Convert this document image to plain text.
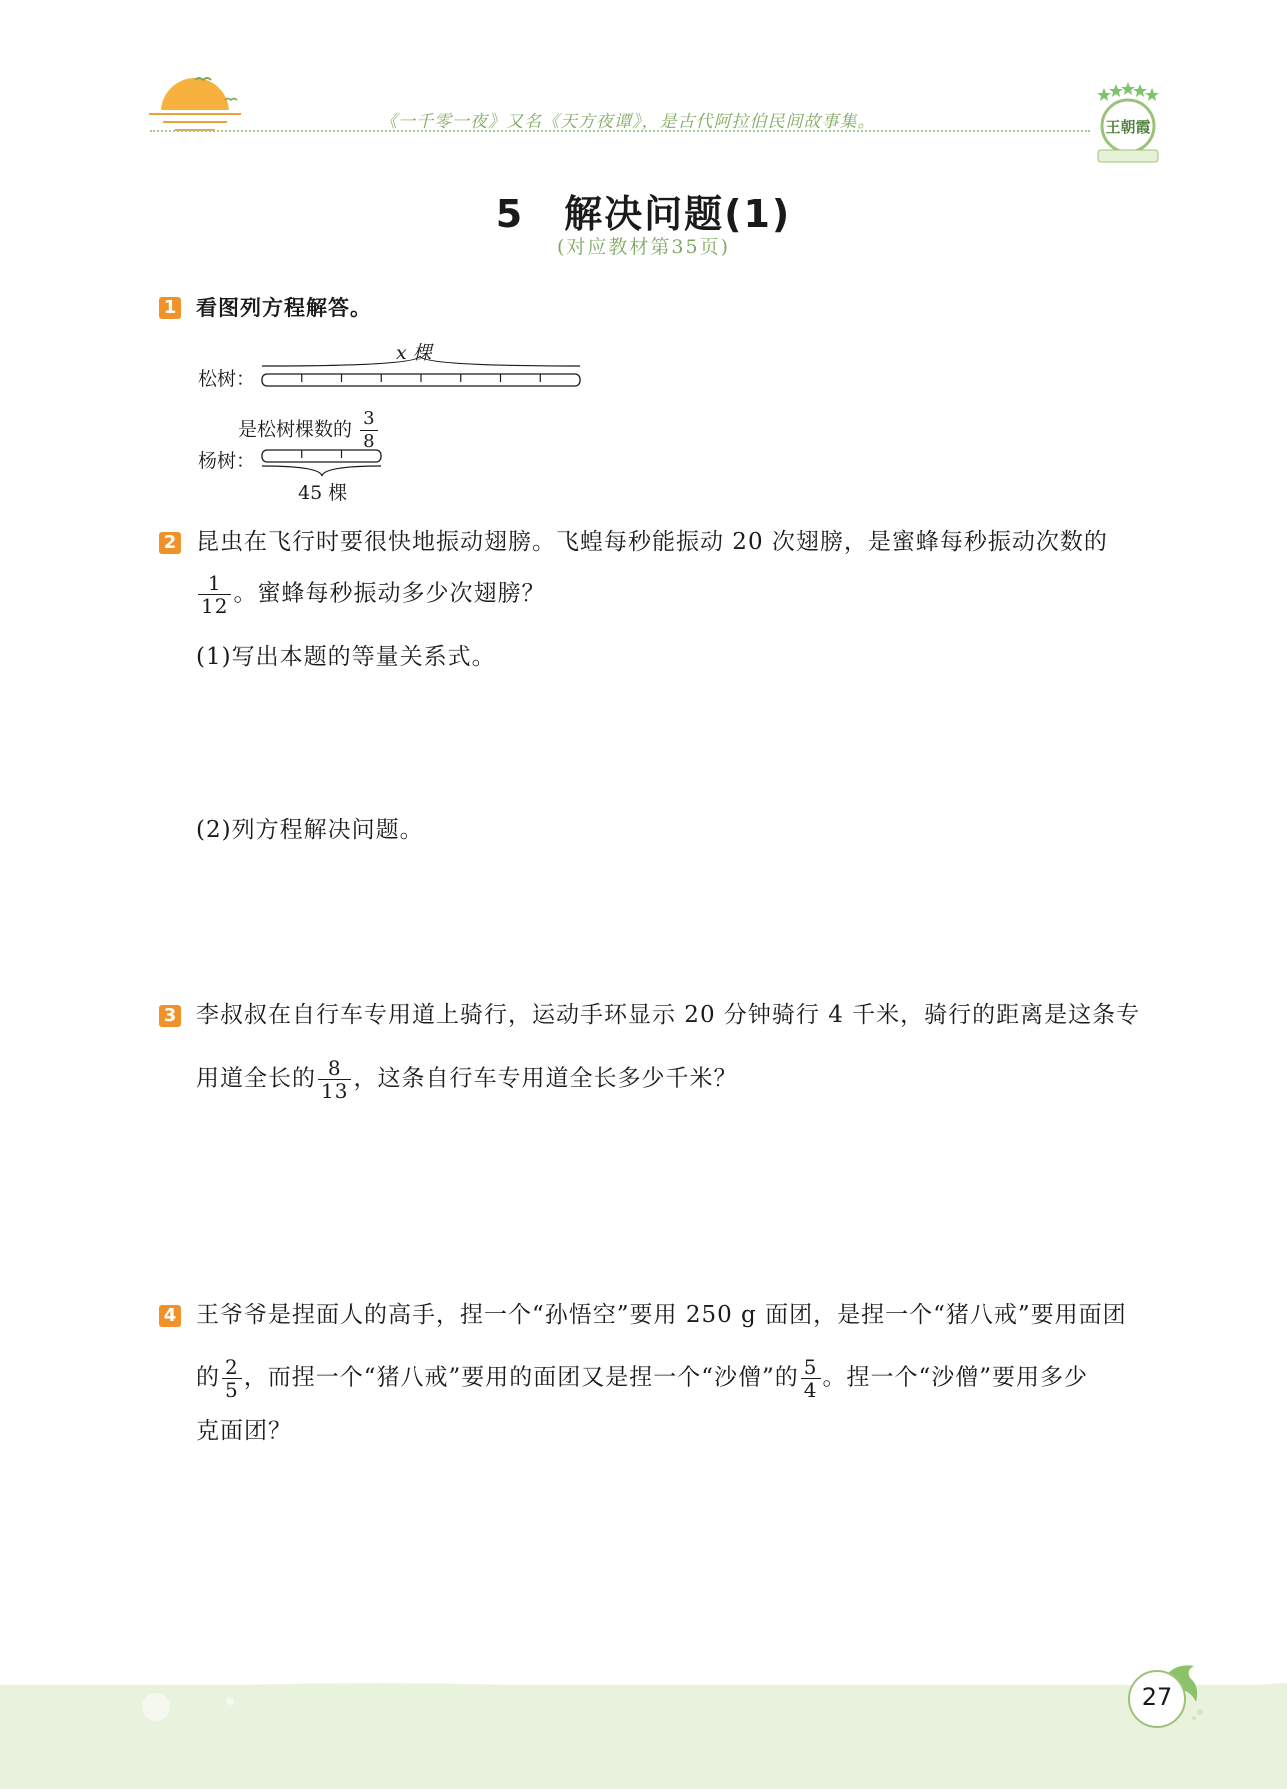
《一千零一夜》又名《天方夜谭》，是古代阿拉伯民间故事集。	王朝霞
5　解决问题(1)
(对应教材第35页)
1 看图列方程解答。
松树：
x 棵
是松树棵数的 $\frac{3}{8}$
杨树：
45 棵
2 昆虫在飞行时要很快地振动翅膀。飞蝗每秒能振动 20 次翅膀，是蜜蜂每秒振动次数的
$\frac{1}{12}$ 。蜜蜂每秒振动多少次翅膀？
(1)写出本题的等量关系式。
(2)列方程解决问题。
3 李叔叔在自行车专用道上骑行，运动手环显示 20 分钟骑行 4 千米，骑行的距离是这条专
用道全长的 $\frac{8}{13}$ ，这条自行车专用道全长多少千米？
4 王爷爷是捏面人的高手，捏一个“孙悟空”要用 250 g 面团，是捏一个“猪八戒”要用面团
的 $\frac{2}{5}$ ，而捏一个“猪八戒”要用的面团又是捏一个“沙僧”的 $\frac{5}{4}$ 。捏一个“沙僧”要用多少
克面团？
27
